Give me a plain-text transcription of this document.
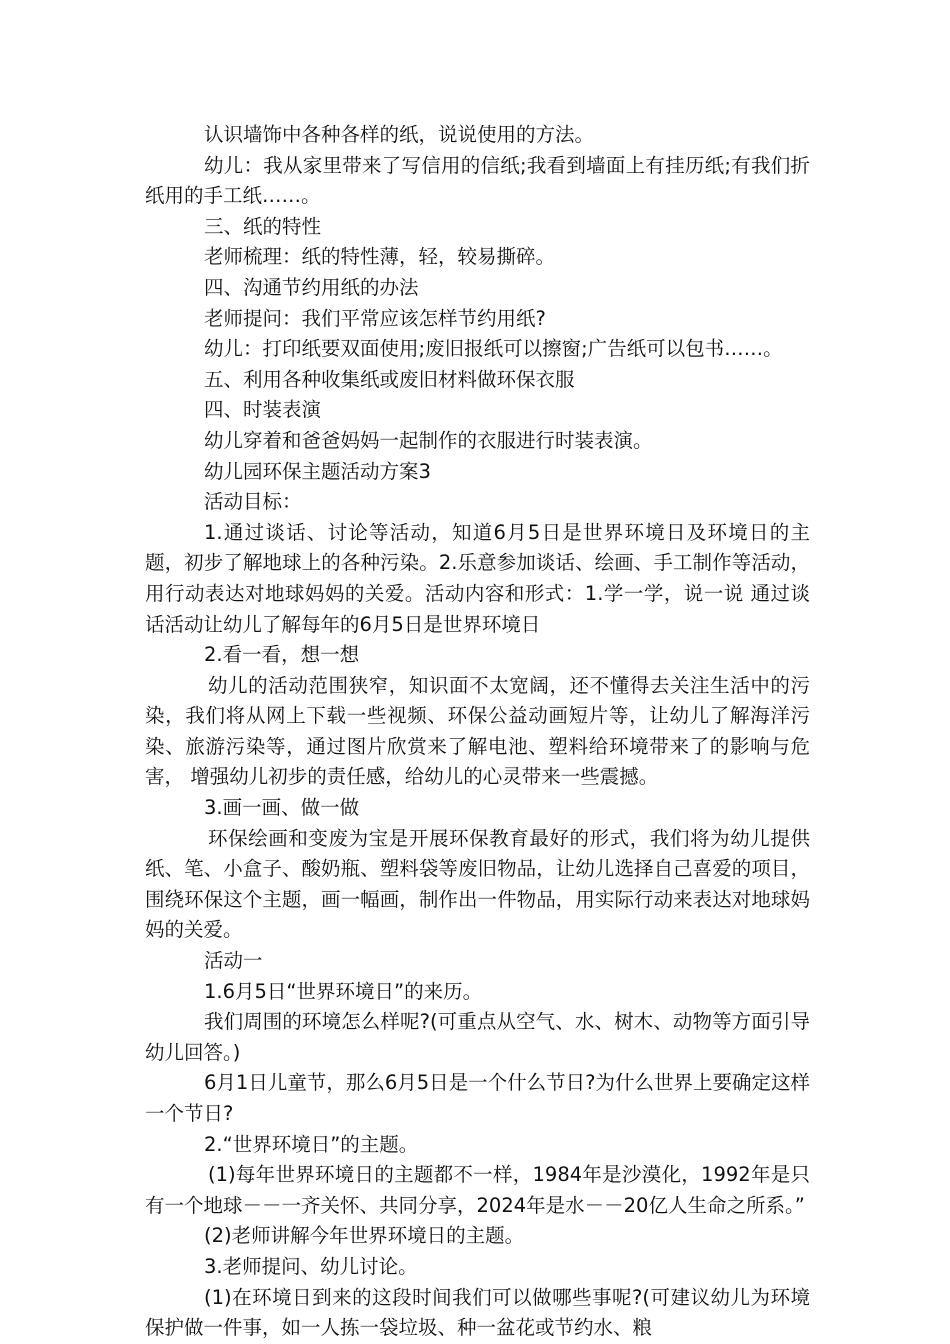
认识墙饰中各种各样的纸，说说使用的方法。

幼儿：我从家里带来了写信用的信纸;我看到墙面上有挂历纸;有我们折纸用的手工纸……。

三、纸的特性

老师梳理：纸的特性薄，轻，较易撕碎。

四、沟通节约用纸的办法

老师提问：我们平常应该怎样节约用纸?

幼儿：打印纸要双面使用;废旧报纸可以擦窗;广告纸可以包书……。

五、利用各种收集纸或废旧材料做环保衣服

四、时装表演

幼儿穿着和爸爸妈妈一起制作的衣服进行时装表演。

幼儿园环保主题活动方案3

活动目标：

1.通过谈话、讨论等活动，知道6月5日是世界环境日及环境日的主题，初步了解地球上的各种污染。2.乐意参加谈话、绘画、手工制作等活动，用行动表达对地球妈妈的关爱。活动内容和形式：1.学一学，说一说 通过谈话活动让幼儿了解每年的6月5日是世界环境日

2.看一看，想一想

幼儿的活动范围狭窄，知识面不太宽阔，还不懂得去关注生活中的污染，我们将从网上下载一些视频、环保公益动画短片等，让幼儿了解海洋污染、旅游污染等，通过图片欣赏来了解电池、塑料给环境带来了的影响与危害， 增强幼儿初步的责任感，给幼儿的心灵带来一些震撼。

3.画一画、做一做

环保绘画和变废为宝是开展环保教育最好的形式，我们将为幼儿提供纸、笔、小盒子、酸奶瓶、塑料袋等废旧物品，让幼儿选择自己喜爱的项目，围绕环保这个主题，画一幅画，制作出一件物品，用实际行动来表达对地球妈妈的关爱。

活动一

1.6月5日“世界环境日”的来历。

我们周围的环境怎么样呢?(可重点从空气、水、树木、动物等方面引导幼儿回答。)

6月1日儿童节，那么6月5日是一个什么节日?为什么世界上要确定这样一个节日?

2.“世界环境日”的主题。

(1)每年世界环境日的主题都不一样，1984年是沙漠化，1992年是只有一个地球－－一齐关怀、共同分享，2024年是水－－20亿人生命之所系。”

(2)老师讲解今年世界环境日的主题。

3.老师提问、幼儿讨论。

(1)在环境日到来的这段时间我们可以做哪些事呢?(可建议幼儿为环境保护做一件事，如一人拣一袋垃圾、种一盆花或节约水、粮
